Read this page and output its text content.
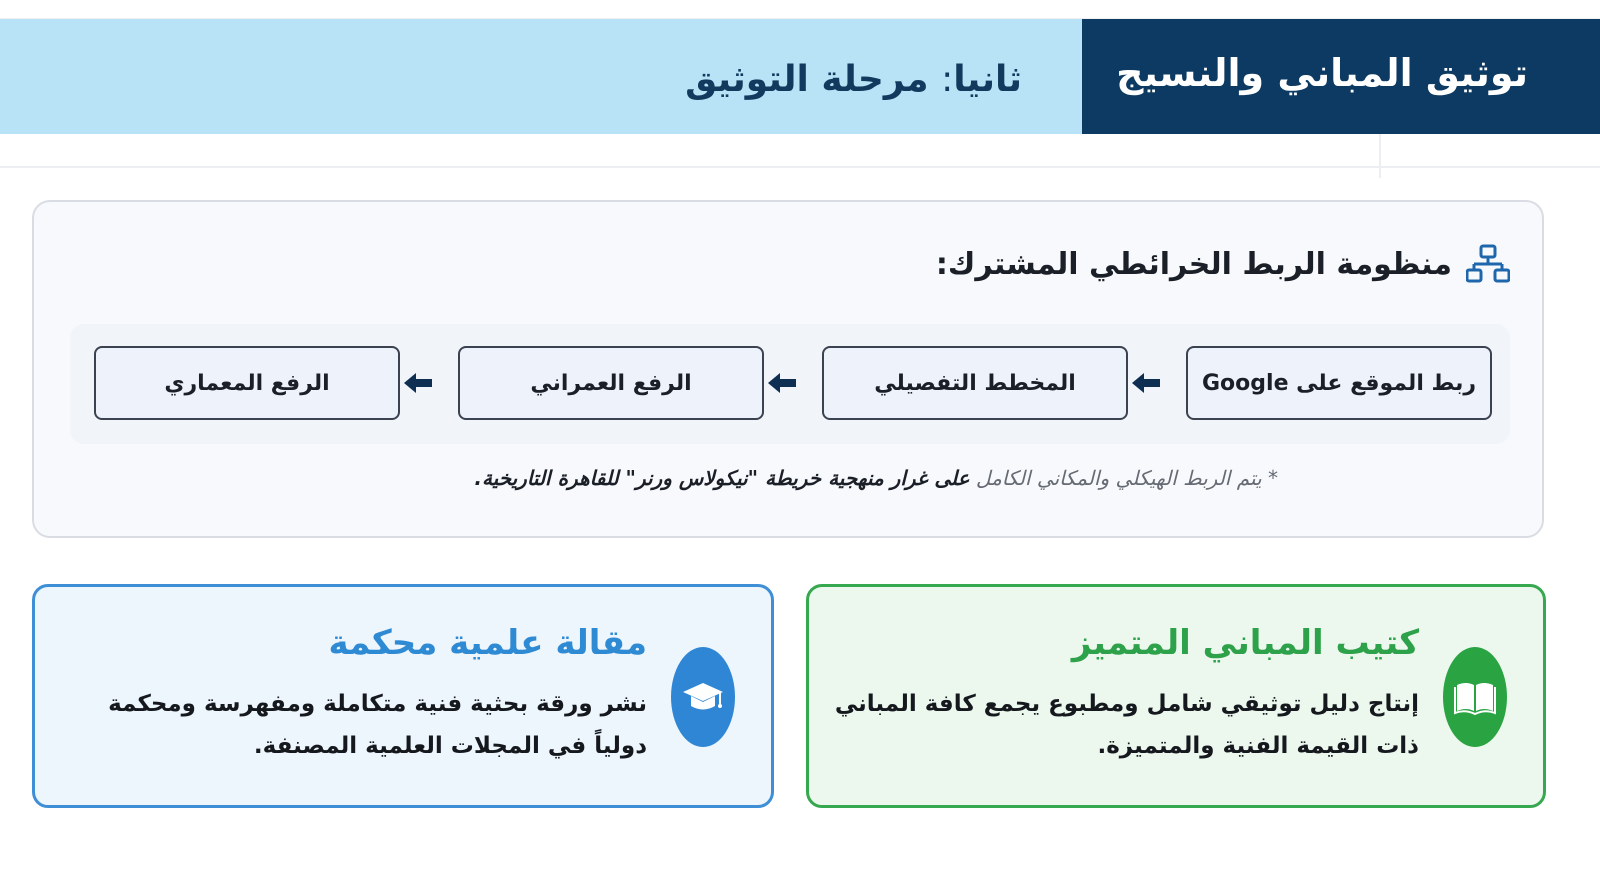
ثانيا: مرحلة التوثيق	توثيق المباني والنسيج
منظومة الربط الخرائطي المشترك:
ربط الموقع على Google
المخطط التفصيلي
الرفع العمراني
الرفع المعماري
* يتم الربط الهيكلي والمكاني الكامل على غرار منهجية خريطة "نيكولاس ورنر" للقاهرة التاريخية.
كتيب المباني المتميز
إنتاج دليل توثيقي شامل ومطبوع يجمع كافة المباني
ذات القيمة الفنية والمتميزة.
مقالة علمية محكمة
نشر ورقة بحثية فنية متكاملة ومفهرسة ومحكمة
دولياً في المجلات العلمية المصنفة.
